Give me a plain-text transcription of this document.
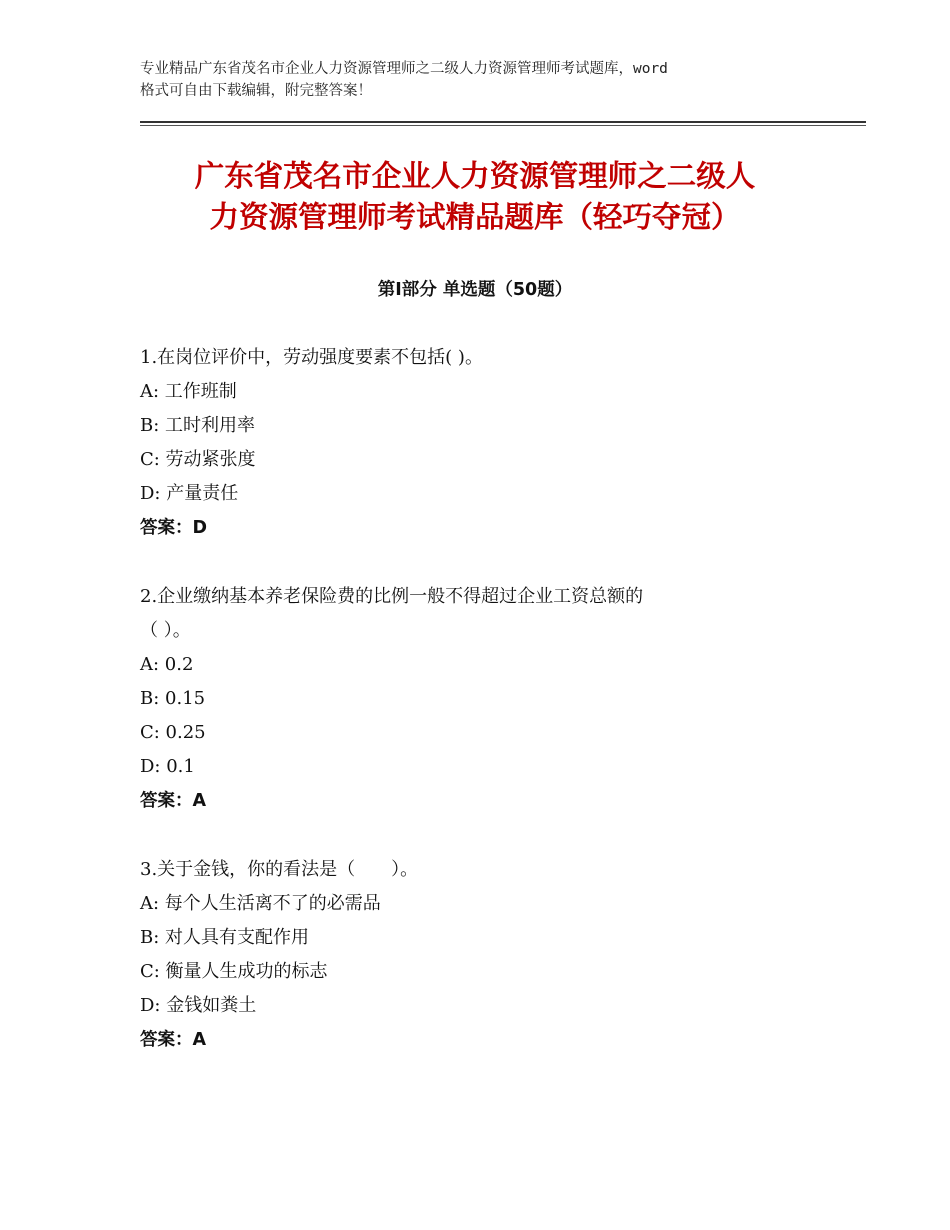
专业精品广东省茂名市企业人力资源管理师之二级人力资源管理师考试题库，word
格式可自由下载编辑，附完整答案！
广东省茂名市企业人力资源管理师之二级人
力资源管理师考试精品题库（轻巧夺冠）
第Ⅰ部分 单选题（50题）
1.在岗位评价中，劳动强度要素不包括( )。
A: 工作班制
B: 工时利用率
C: 劳动紧张度
D: 产量责任
答案：D
2.企业缴纳基本养老保险费的比例一般不得超过企业工资总额的
（ ）。
A: 0.2
B: 0.15
C: 0.25
D: 0.1
答案：A
3.关于金钱，你的看法是（　　）。
A: 每个人生活离不了的必需品
B: 对人具有支配作用
C: 衡量人生成功的标志
D: 金钱如粪土
答案：A
